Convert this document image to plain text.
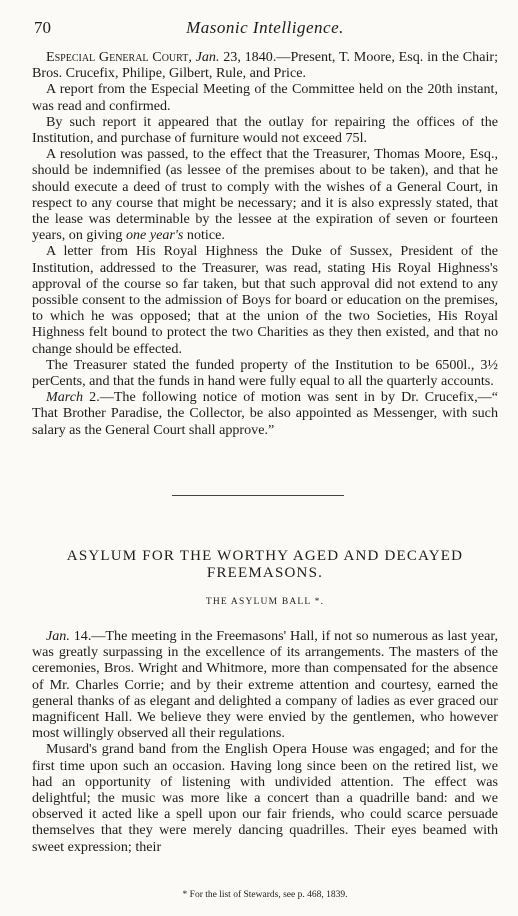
70	Masonic Intelligence.

Especial General Court, Jan. 23, 1840.—Present, T. Moore, Esq. in the Chair; Bros. Crucefix, Philipe, Gilbert, Rule, and Price.

A report from the Especial Meeting of the Committee held on the 20th instant, was read and confirmed.

By such report it appeared that the outlay for repairing the offices of the Institution, and purchase of furniture would not exceed 75l.

A resolution was passed, to the effect that the Treasurer, Thomas Moore, Esq., should be indemnified (as lessee of the premises about to be taken), and that he should execute a deed of trust to comply with the wishes of a General Court, in respect to any course that might be necessary; and it is also expressly stated, that the lease was determinable by the lessee at the expiration of seven or fourteen years, on giving one year's notice.

A letter from His Royal Highness the Duke of Sussex, President of the Institution, addressed to the Treasurer, was read, stating His Royal Highness's approval of the course so far taken, but that such approval did not extend to any possible consent to the admission of Boys for board or education on the premises, to which he was opposed; that at the union of the two Societies, His Royal Highness felt bound to protect the two Charities as they then existed, and that no change should be effected.

The Treasurer stated the funded property of the Institution to be 6500l., 3½ perCents, and that the funds in hand were fully equal to all the quarterly accounts.

March 2.—The following notice of motion was sent in by Dr. Crucefix,—“ That Brother Paradise, the Collector, be also appointed as Messenger, with such salary as the General Court shall approve.”

ASYLUM FOR THE WORTHY AGED AND DECAYED FREEMASONS.
THE ASYLUM BALL *.

Jan. 14.—The meeting in the Freemasons' Hall, if not so numerous as last year, was greatly surpassing in the excellence of its arrangements. The masters of the ceremonies, Bros. Wright and Whitmore, more than compensated for the absence of Mr. Charles Corrie; and by their extreme attention and courtesy, earned the general thanks of as elegant and delighted a company of ladies as ever graced our magnificent Hall. We believe they were envied by the gentlemen, who however most willingly observed all their regulations.

Musard's grand band from the English Opera House was engaged; and for the first time upon such an occasion. Having long since been on the retired list, we had an opportunity of listening with undivided attention. The effect was delightful; the music was more like a concert than a quadrille band: and we observed it acted like a spell upon our fair friends, who could scarce persuade themselves that they were merely dancing quadrilles. Their eyes beamed with sweet expression; their

* For the list of Stewards, see p. 468, 1839.
